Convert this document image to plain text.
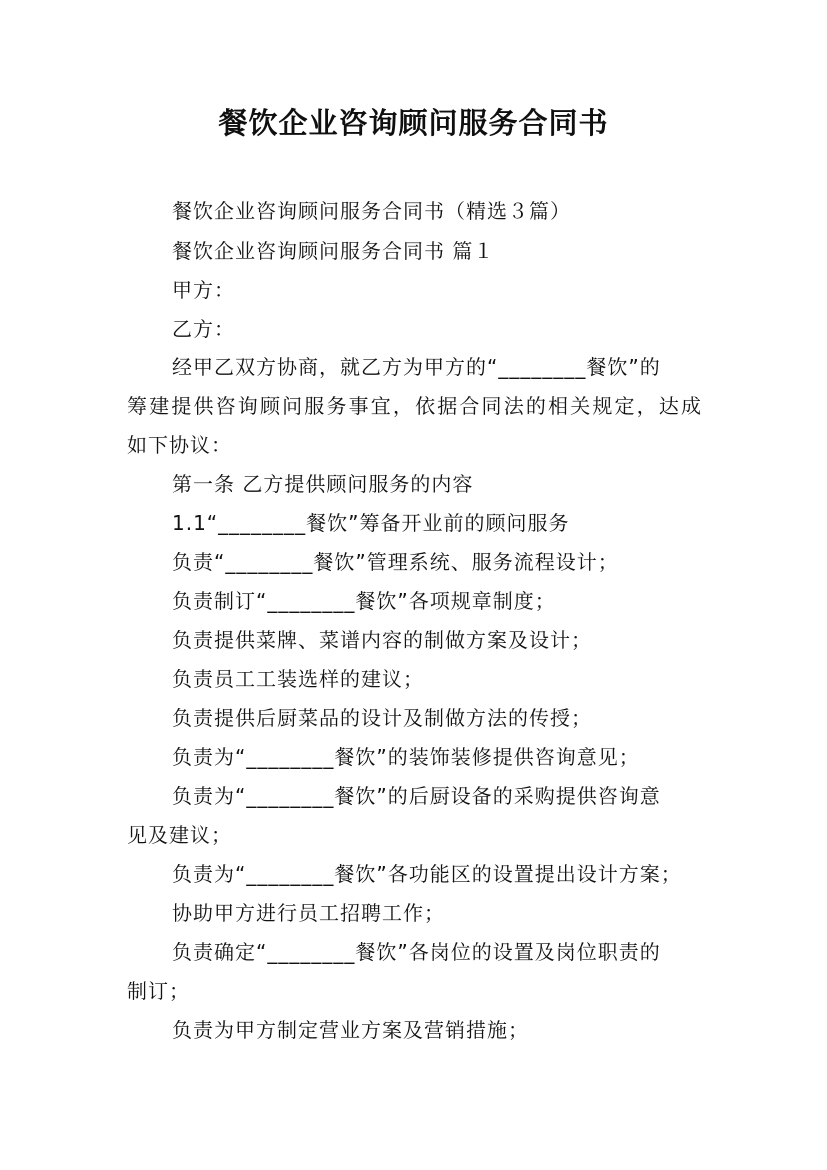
餐饮企业咨询顾问服务合同书
餐饮企业咨询顾问服务合同书（精选３篇）
餐饮企业咨询顾问服务合同书 篇１
甲方：
乙方：
经甲乙双方协商，就乙方为甲方的“________餐饮”的
筹建提供咨询顾问服务事宜，依据合同法的相关规定，达成
如下协议：
第一条 乙方提供顾问服务的内容
1.1“________餐饮”筹备开业前的顾问服务
负责“________餐饮”管理系统、服务流程设计；
负责制订“________餐饮”各项规章制度；
负责提供菜牌、菜谱内容的制做方案及设计；
负责员工工装选样的建议；
负责提供后厨菜品的设计及制做方法的传授；
负责为“________餐饮”的装饰装修提供咨询意见；
负责为“________餐饮”的后厨设备的采购提供咨询意
见及建议；
负责为“________餐饮”各功能区的设置提出设计方案；
协助甲方进行员工招聘工作；
负责确定“________餐饮”各岗位的设置及岗位职责的
制订；
负责为甲方制定营业方案及营销措施；
